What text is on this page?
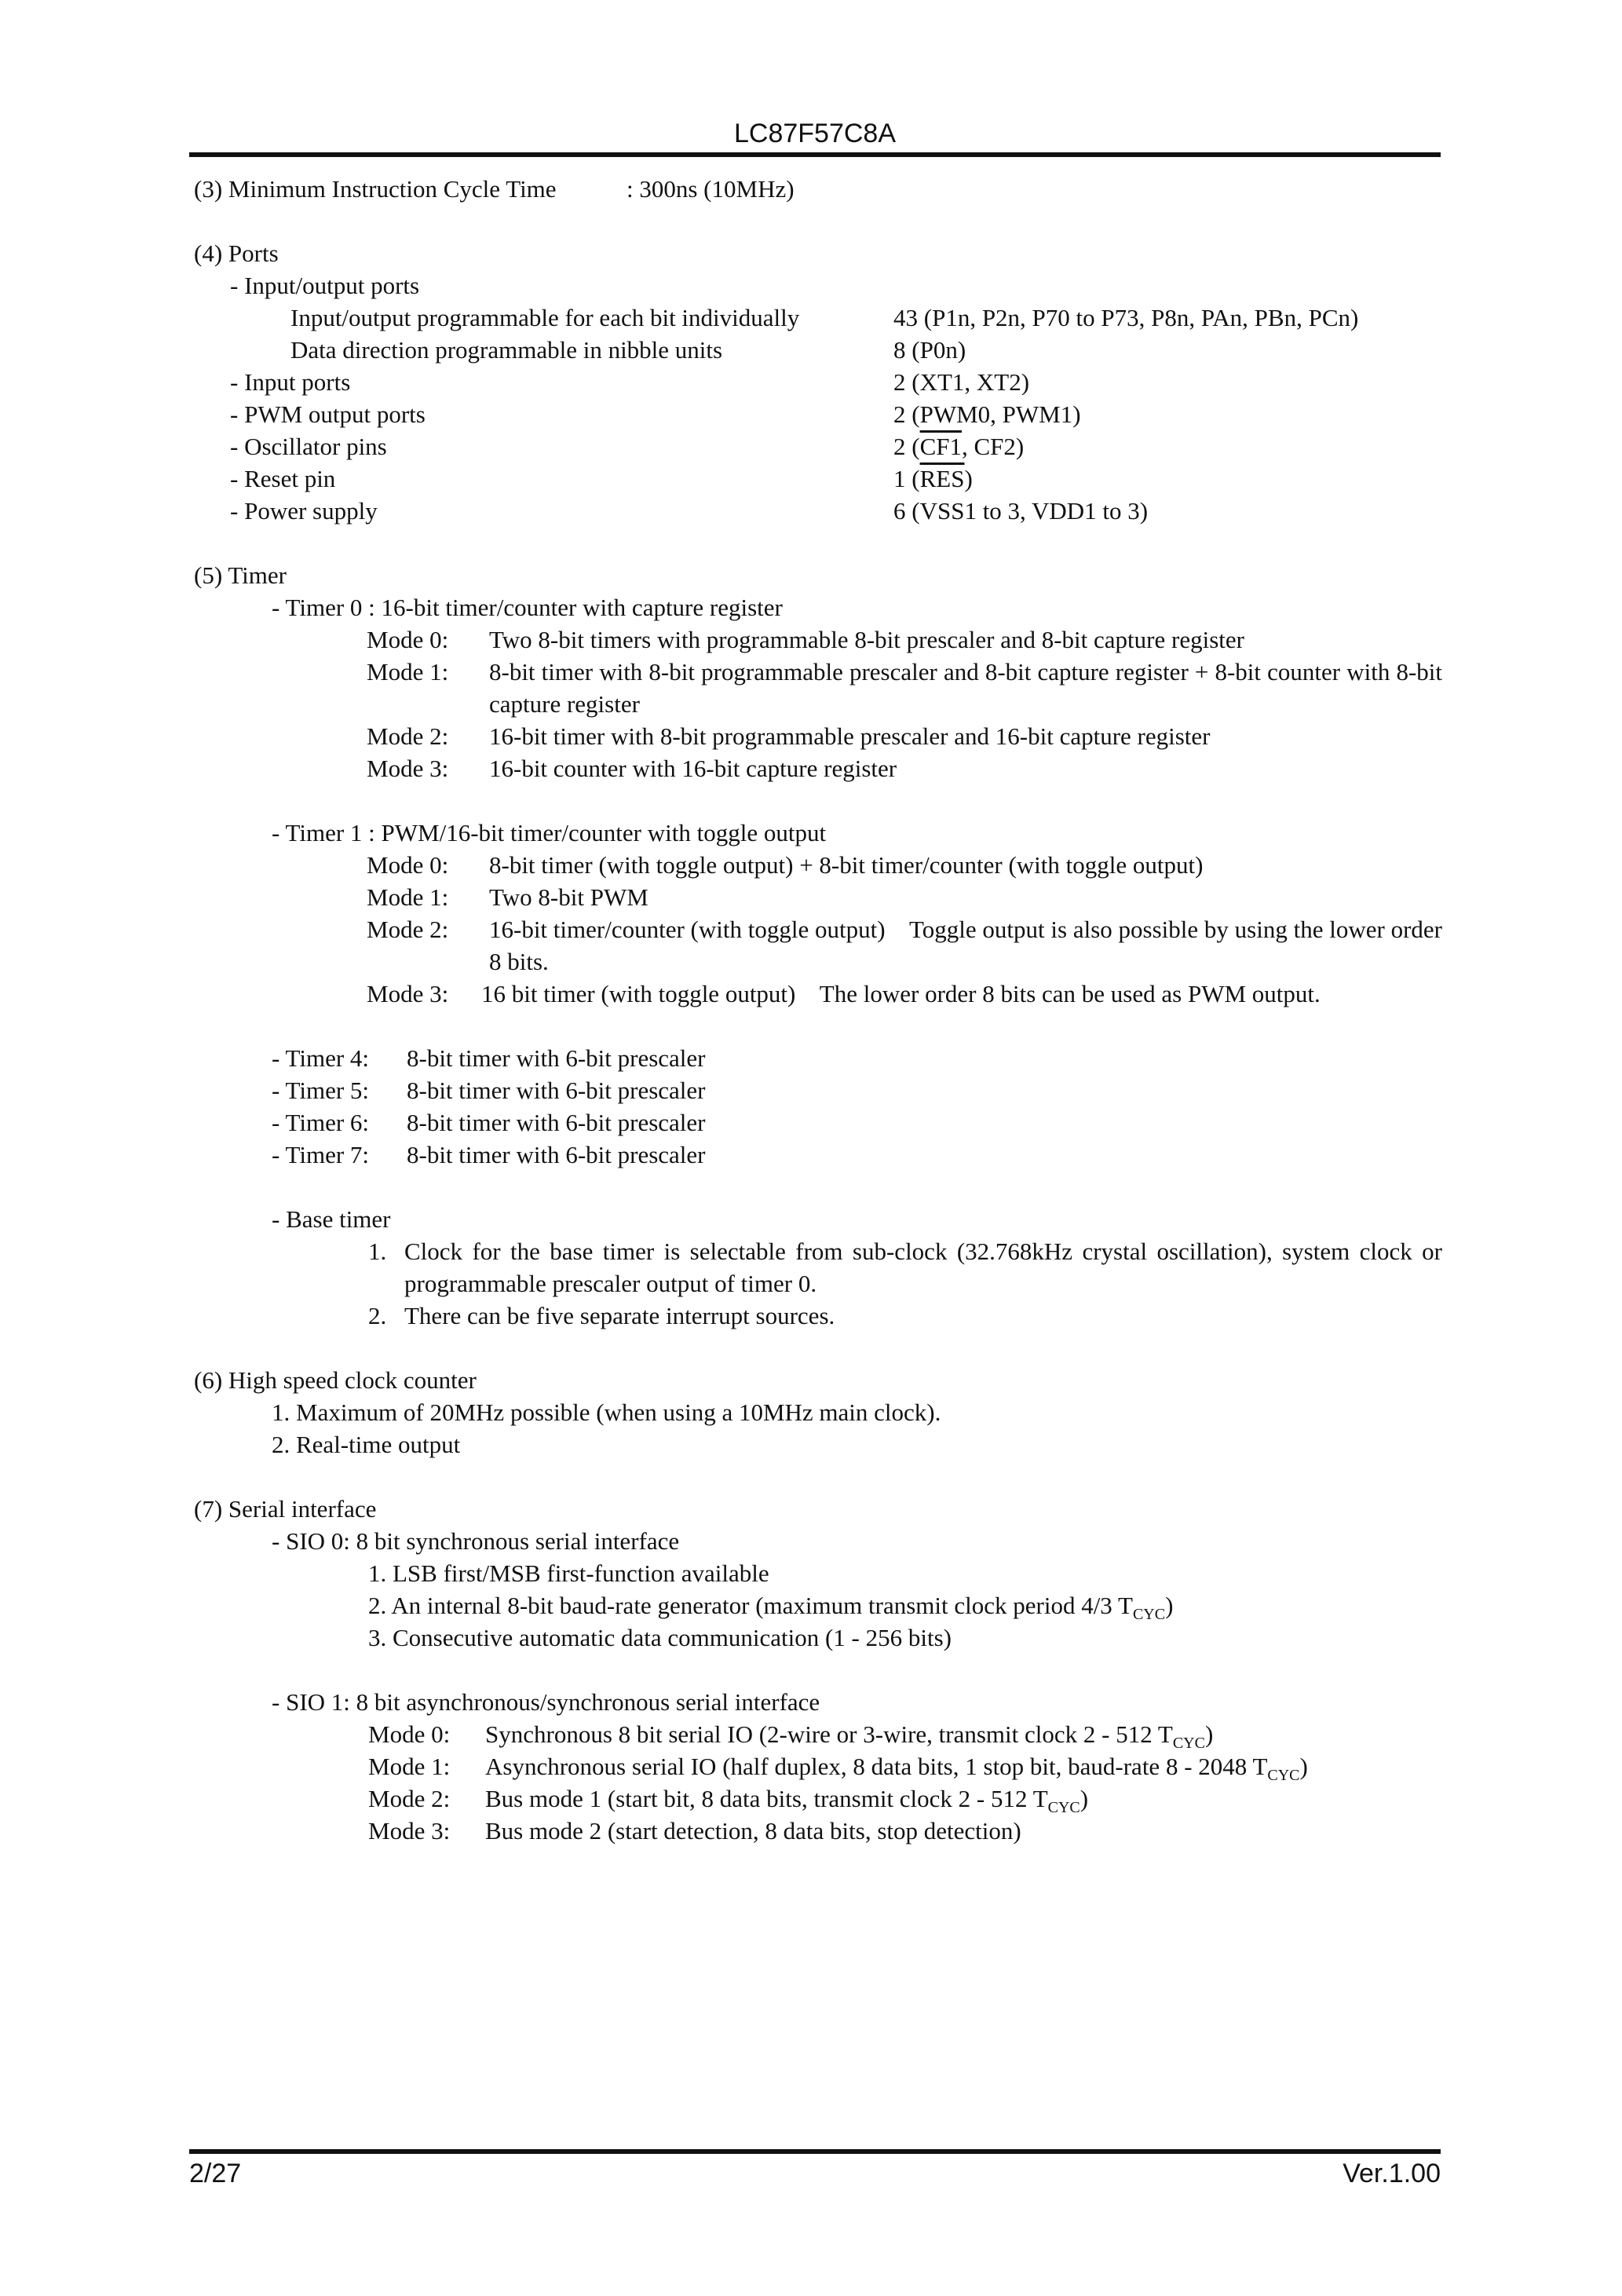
LC87F57C8A
(3) Minimum Instruction Cycle Time	: 300ns (10MHz)
(4) Ports
- Input/output ports
Input/output programmable for each bit individually	43 (P1n, P2n, P70 to P73, P8n, PAn, PBn, PCn)
Data direction programmable in nibble units	8 (P0n)
- Input ports	2 (XT1, XT2)
- PWM output ports	2 (PWM0, PWM1)
- Oscillator pins	2 (CF1, CF2)
- Reset pin	1 $(\overline{RES})$
- Power supply	6 (VSS1 to 3, VDD1 to 3)
(5) Timer
- Timer 0 : 16-bit timer/counter with capture register
Mode 0: Two 8-bit timers with programmable 8-bit prescaler and 8-bit capture register
Mode 1: 8-bit timer with 8-bit programmable prescaler and 8-bit capture register + 8-bit counter with 8-bit capture register
Mode 2: 16-bit timer with 8-bit programmable prescaler and 16-bit capture register
Mode 3: 16-bit counter with 16-bit capture register
- Timer 1 : PWM/16-bit timer/counter with toggle output
Mode 0: 8-bit timer (with toggle output) + 8-bit timer/counter (with toggle output)
Mode 1: Two 8-bit PWM
Mode 2: 16-bit timer/counter (with toggle output)    Toggle output is also possible by using the lower order 8 bits.
Mode 3: 16 bit timer (with toggle output)    The lower order 8 bits can be used as PWM output.
- Timer 4: 8-bit timer with 6-bit prescaler
- Timer 5: 8-bit timer with 6-bit prescaler
- Timer 6: 8-bit timer with 6-bit prescaler
- Timer 7: 8-bit timer with 6-bit prescaler
- Base timer
1. Clock for the base timer is selectable from sub-clock (32.768kHz crystal oscillation), system clock or programmable prescaler output of timer 0.
2. There can be five separate interrupt sources.
(6) High speed clock counter
1. Maximum of 20MHz possible (when using a 10MHz main clock).
2. Real-time output
(7) Serial interface
- SIO 0: 8 bit synchronous serial interface
1. LSB first/MSB first-function available
2. An internal 8-bit baud-rate generator (maximum transmit clock period 4/3 $T_{CYC}$)
3. Consecutive automatic data communication (1 - 256 bits)
- SIO 1: 8 bit asynchronous/synchronous serial interface
Mode 0: Synchronous 8 bit serial IO (2-wire or 3-wire, transmit clock 2 - 512 $T_{CYC}$)
Mode 1: Asynchronous serial IO (half duplex, 8 data bits, 1 stop bit, baud-rate 8 - 2048 $T_{CYC}$)
Mode 2: Bus mode 1 (start bit, 8 data bits, transmit clock 2 - 512 $T_{CYC}$)
Mode 3: Bus mode 2 (start detection, 8 data bits, stop detection)
2/27	Ver.1.00
